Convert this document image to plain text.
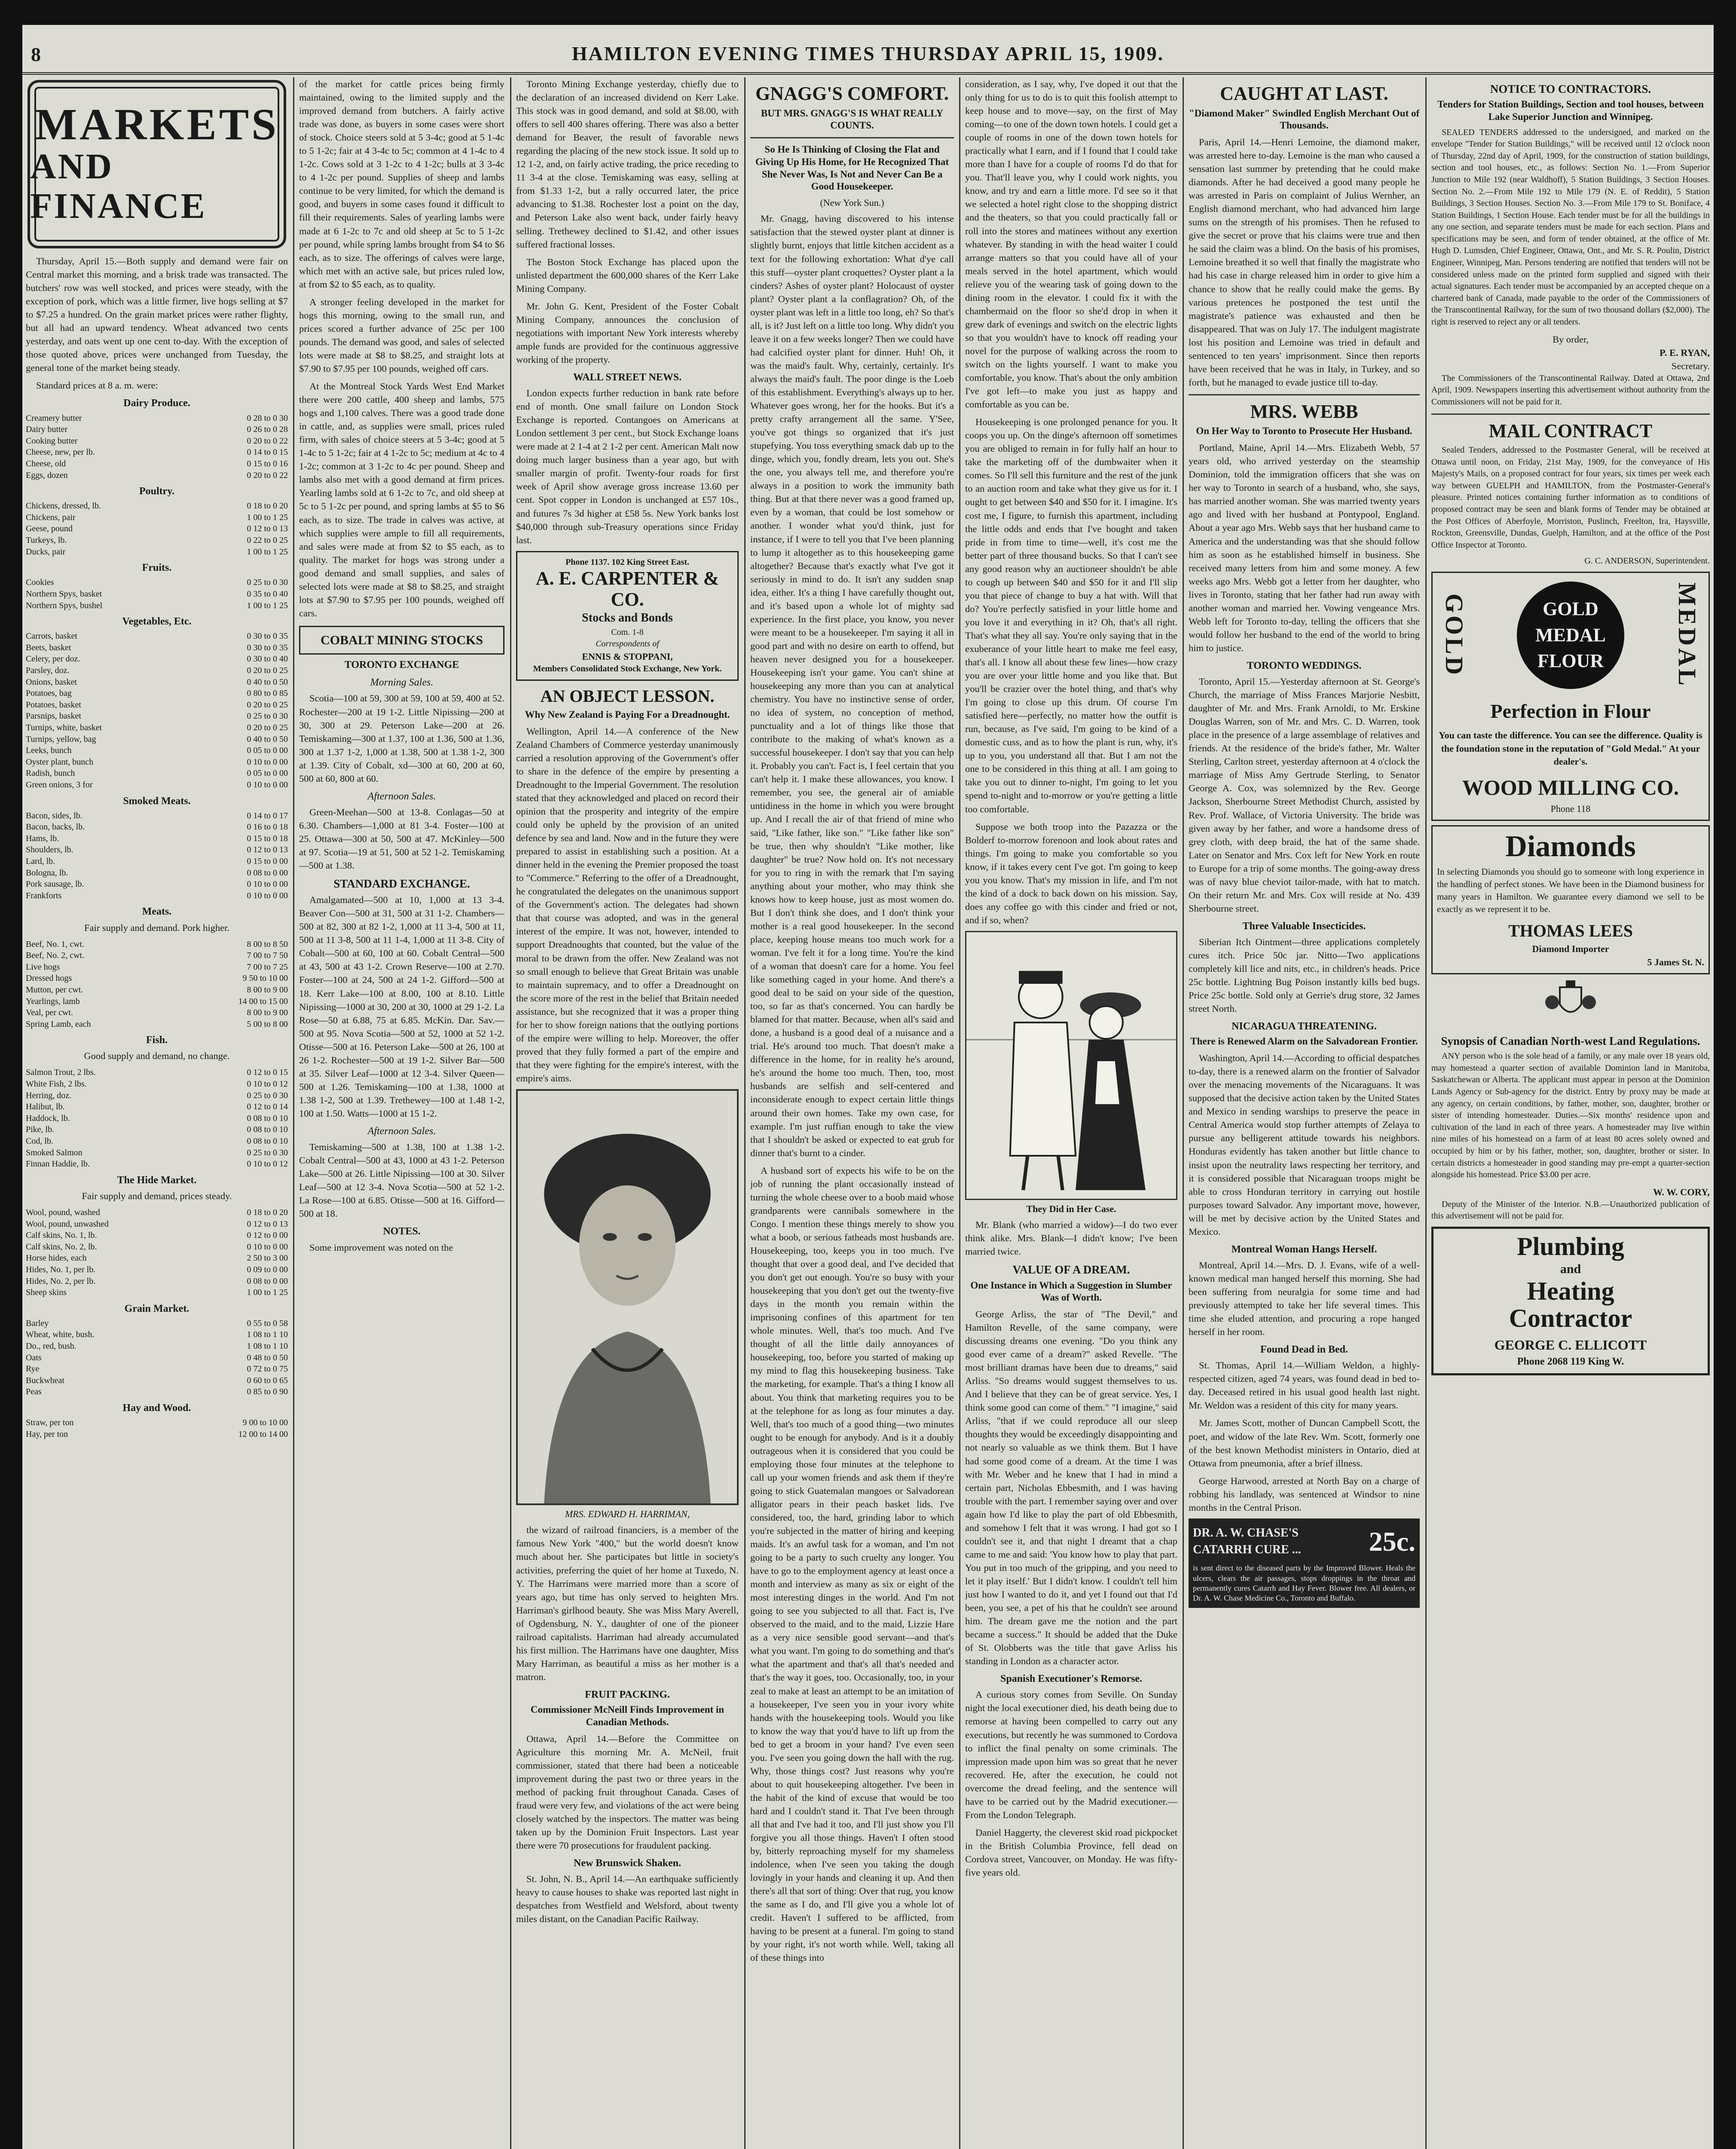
8	HAMILTON EVENING TIMES THURSDAY APRIL 15, 1909.
MARKETS
AND FINANCE

Thursday, April 15.—Both supply and demand were fair on Central market this morning, and a brisk trade was transacted. The butchers' row was well stocked, and prices were steady, with the exception of pork, which was a little firmer, live hogs selling at $7 to $7.25 a hundred. On the grain market prices were rather flighty, but all had an upward tendency. Wheat advanced two cents yesterday, and oats went up one cent to-day. With the exception of those quoted above, prices were unchanged from Tuesday, the general tone of the market being steady.

Standard prices at 8 a. m. were:

Dairy Produce.
Creamery butter	0 28 to 0 30
Dairy butter	0 26 to 0 28
Cooking butter	0 20 to 0 22
Cheese, new, per lb.	0 14 to 0 15
Cheese, old	0 15 to 0 16
Eggs, dozen	0 20 to 0 22
Poultry.
Chickens, dressed, lb.	0 18 to 0 20
Chickens, pair	1 00 to 1 25
Geese, pound	0 12 to 0 13
Turkeys, lb.	0 22 to 0 25
Ducks, pair	1 00 to 1 25
Fruits.
Cookies	0 25 to 0 30
Northern Spys, basket	0 35 to 0 40
Northern Spys, bushel	1 00 to 1 25
Vegetables, Etc.
Carrots, basket	0 30 to 0 35
Beets, basket	0 30 to 0 35
Celery, per doz.	0 30 to 0 40
Parsley, doz.	0 20 to 0 25
Onions, basket	0 40 to 0 50
Potatoes, bag	0 80 to 0 85
Potatoes, basket	0 20 to 0 25
Parsnips, basket	0 25 to 0 30
Turnips, white, basket	0 20 to 0 25
Turnips, yellow, bag	0 40 to 0 50
Leeks, bunch	0 05 to 0 00
Oyster plant, bunch	0 10 to 0 00
Radish, bunch	0 05 to 0 00
Green onions, 3 for	0 10 to 0 00
Smoked Meats.
Bacon, sides, lb.	0 14 to 0 17
Bacon, backs, lb.	0 16 to 0 18
Hams, lb.	0 15 to 0 18
Shoulders, lb.	0 12 to 0 13
Lard, lb.	0 15 to 0 00
Bologna, lb.	0 08 to 0 00
Pork sausage, lb.	0 10 to 0 00
Frankforts	0 10 to 0 00
Meats.

Fair supply and demand. Pork higher.

Beef, No. 1, cwt.	8 00 to 8 50
Beef, No. 2, cwt.	7 00 to 7 50
Live hogs	7 00 to 7 25
Dressed hogs	9 50 to 10 00
Mutton, per cwt.	8 00 to 9 00
Yearlings, lamb	14 00 to 15 00
Veal, per cwt.	8 00 to 9 00
Spring Lamb, each	5 00 to 8 00
Fish.

Good supply and demand, no change.

Salmon Trout, 2 lbs.	0 12 to 0 15
White Fish, 2 lbs.	0 10 to 0 12
Herring, doz.	0 25 to 0 30
Halibut, lb.	0 12 to 0 14
Haddock, lb.	0 08 to 0 10
Pike, lb.	0 08 to 0 10
Cod, lb.	0 08 to 0 10
Smoked Salmon	0 25 to 0 30
Finnan Haddie, lb.	0 10 to 0 12
The Hide Market.

Fair supply and demand, prices steady.

Wool, pound, washed	0 18 to 0 20
Wool, pound, unwashed	0 12 to 0 13
Calf skins, No. 1, lb.	0 12 to 0 00
Calf skins, No. 2, lb.	0 10 to 0 00
Horse hides, each	2 50 to 3 00
Hides, No. 1, per lb.	0 09 to 0 00
Hides, No. 2, per lb.	0 08 to 0 00
Sheep skins	1 00 to 1 25
Grain Market.
Barley	0 55 to 0 58
Wheat, white, bush.	1 08 to 1 10
Do., red, bush.	1 08 to 1 10
Oats	0 48 to 0 50
Rye	0 72 to 0 75
Buckwheat	0 60 to 0 65
Peas	0 85 to 0 90
Hay and Wood.
Straw, per ton	9 00 to 10 00
Hay, per ton	12 00 to 14 00

of the market for cattle prices being firmly maintained, owing to the limited supply and the improved demand from butchers. A fairly active trade was done, as buyers in some cases were short of stock. Choice steers sold at 5 3-4c; good at 5 1-4c to 5 1-2c; fair at 4 3-4c to 5c; common at 4 1-4c to 4 1-2c. Cows sold at 3 1-2c to 4 1-2c; bulls at 3 3-4c to 4 1-2c per pound. Supplies of sheep and lambs continue to be very limited, for which the demand is good, and buyers in some cases found it difficult to fill their requirements. Sales of yearling lambs were made at 6 1-2c to 7c and old sheep at 5c to 5 1-2c per pound, while spring lambs brought from $4 to $6 each, as to size. The offerings of calves were large, which met with an active sale, but prices ruled low, at from $2 to $5 each, as to quality.

A stronger feeling developed in the market for hogs this morning, owing to the small run, and prices scored a further advance of 25c per 100 pounds. The demand was good, and sales of selected lots were made at $8 to $8.25, and straight lots at $7.90 to $7.95 per 100 pounds, weighed off cars.

At the Montreal Stock Yards West End Market there were 200 cattle, 400 sheep and lambs, 575 hogs and 1,100 calves. There was a good trade done in cattle, and, as supplies were small, prices ruled firm, with sales of choice steers at 5 3-4c; good at 5 1-4c to 5 1-2c; fair at 4 1-2c to 5c; medium at 4c to 4 1-2c; common at 3 1-2c to 4c per pound. Sheep and lambs also met with a good demand at firm prices. Yearling lambs sold at 6 1-2c to 7c, and old sheep at 5c to 5 1-2c per pound, and spring lambs at $5 to $6 each, as to size. The trade in calves was active, at which supplies were ample to fill all requirements, and sales were made at from $2 to $5 each, as to quality. The market for hogs was strong under a good demand and small supplies, and sales of selected lots were made at $8 to $8.25, and straight lots at $7.90 to $7.95 per 100 pounds, weighed off cars.

COBALT MINING STOCKS
TORONTO EXCHANGE
Morning Sales.

Scotia—100 at 59, 300 at 59, 100 at 59, 400 at 52. Rochester—200 at 19 1-2. Little Nipissing—200 at 30, 300 at 29. Peterson Lake—200 at 26. Temiskaming—300 at 1.37, 100 at 1.36, 500 at 1.36, 300 at 1.37 1-2, 1,000 at 1.38, 500 at 1.38 1-2, 300 at 1.39. City of Cobalt, xd—300 at 60, 200 at 60, 500 at 60, 800 at 60.

Afternoon Sales.

Green-Meehan—500 at 13-8. Conlagas—50 at 6.30. Chambers—1,000 at 81 3-4. Foster—100 at 25. Ottawa—300 at 50, 500 at 47. McKinley—500 at 97. Scotia—19 at 51, 500 at 52 1-2. Temiskaming—500 at 1.38.

STANDARD EXCHANGE.

Amalgamated—500 at 10, 1,000 at 13 3-4. Beaver Con—500 at 31, 500 at 31 1-2. Chambers—500 at 82, 300 at 82 1-2, 1,000 at 11 3-4, 500 at 11, 500 at 11 3-8, 500 at 11 1-4, 1,000 at 11 3-8. City of Cobalt—500 at 60, 100 at 60. Cobalt Central—500 at 43, 500 at 43 1-2. Crown Reserve—100 at 2.70. Foster—100 at 24, 500 at 24 1-2. Gifford—500 at 18. Kerr Lake—100 at 8.00, 100 at 8.10. Little Nipissing—1000 at 30, 200 at 30, 1000 at 29 1-2. La Rose—50 at 6.88, 75 at 6.85. McKin. Dar. Sav.—500 at 95. Nova Scotia—500 at 52, 1000 at 52 1-2. Otisse—500 at 16. Peterson Lake—500 at 26, 100 at 26 1-2. Rochester—500 at 19 1-2. Silver Bar—500 at 35. Silver Leaf—1000 at 12 3-4. Silver Queen—500 at 1.26. Temiskaming—100 at 1.38, 1000 at 1.38 1-2, 500 at 1.39. Trethewey—100 at 1.48 1-2, 100 at 1.50. Watts—1000 at 15 1-2.

Afternoon Sales.

Temiskaming—500 at 1.38, 100 at 1.38 1-2. Cobalt Central—500 at 43, 1000 at 43 1-2. Peterson Lake—500 at 26. Little Nipissing—100 at 30. Silver Leaf—500 at 12 3-4. Nova Scotia—500 at 52 1-2. La Rose—100 at 6.85. Otisse—500 at 16. Gifford—500 at 18.

NOTES.

Some improvement was noted on the

Toronto Mining Exchange yesterday, chiefly due to the declaration of an increased dividend on Kerr Lake. This stock was in good demand, and sold at $8.00, with offers to sell 400 shares offering. There was also a better demand for Beaver, the result of favorable news regarding the placing of the new stock issue. It sold up to 12 1-2, and, on fairly active trading, the price receding to 11 3-4 at the close. Temiskaming was easy, selling at from $1.33 1-2, but a rally occurred later, the price advancing to $1.38. Rochester lost a point on the day, and Peterson Lake also went back, under fairly heavy selling. Trethewey declined to $1.42, and other issues suffered fractional losses.

The Boston Stock Exchange has placed upon the unlisted department the 600,000 shares of the Kerr Lake Mining Company.

Mr. John G. Kent, President of the Foster Cobalt Mining Company, announces the conclusion of negotiations with important New York interests whereby ample funds are provided for the continuous aggressive working of the property.

WALL STREET NEWS.

London expects further reduction in bank rate before end of month. One small failure on London Stock Exchange is reported. Contangoes on Americans at London settlement 3 per cent., but Stock Exchange loans were made at 2 1-4 at 2 1-2 per cent. American Malt now doing much larger business than a year ago, but with smaller margin of profit. Twenty-four roads for first week of April show average gross increase 13.60 per cent. Spot copper in London is unchanged at £57 10s., and futures 7s 3d higher at £58 5s. New York banks lost $40,000 through sub-Treasury operations since Friday last.

Phone 1137. 102 King Street East.
A. E. CARPENTER & CO.
Stocks and Bonds
Com. 1-8
Correspondents of
ENNIS & STOPPANI,
Members Consolidated Stock Exchange, New York.
AN OBJECT LESSON.
Why New Zealand is Paying For a Dreadnought.

Wellington, April 14.—A conference of the New Zealand Chambers of Commerce yesterday unanimously carried a resolution approving of the Government's offer to share in the defence of the empire by presenting a Dreadnought to the Imperial Government. The resolution stated that they acknowledged and placed on record their opinion that the prosperity and integrity of the empire could only be upheld by the provision of an united defence by sea and land. Now and in the future they were prepared to assist in establishing such a position. At a dinner held in the evening the Premier proposed the toast to "Commerce." Referring to the offer of a Dreadnought, he congratulated the delegates on the unanimous support of the Government's action. The delegates had shown that that course was adopted, and was in the general interest of the empire. It was not, however, intended to support Dreadnoughts that counted, but the value of the moral to be drawn from the offer. New Zealand was not so small enough to believe that Great Britain was unable to maintain supremacy, and to offer a Dreadnought on the score more of the rest in the belief that Britain needed assistance, but she recognized that it was a proper thing for her to show foreign nations that the outlying portions of the empire were willing to help. Moreover, the offer proved that they fully formed a part of the empire and that they were fighting for the empire's interest, with the empire's aims.

MRS. EDWARD H. HARRIMAN,

the wizard of railroad financiers, is a member of the famous New York "400," but the world doesn't know much about her. She participates but little in society's activities, preferring the quiet of her home at Tuxedo, N. Y. The Harrimans were married more than a score of years ago, but time has only served to heighten Mrs. Harriman's girlhood beauty. She was Miss Mary Averell, of Ogdensburg, N. Y., daughter of one of the pioneer railroad capitalists. Harriman had already accumulated his first million. The Harrimans have one daughter, Miss Mary Harriman, as beautiful a miss as her mother is a matron.

FRUIT PACKING.
Commissioner McNeill Finds Improvement in Canadian Methods.

Ottawa, April 14.—Before the Committee on Agriculture this morning Mr. A. McNeil, fruit commissioner, stated that there had been a noticeable improvement during the past two or three years in the method of packing fruit throughout Canada. Cases of fraud were very few, and violations of the act were being closely watched by the inspectors. The matter was being taken up by the Dominion Fruit Inspectors. Last year there were 70 prosecutions for fraudulent packing.

New Brunswick Shaken.

St. John, N. B., April 14.—An earthquake sufficiently heavy to cause houses to shake was reported last night in despatches from Westfield and Welsford, about twenty miles distant, on the Canadian Pacific Railway.

GNAGG'S COMFORT.
BUT MRS. GNAGG'S IS WHAT REALLY COUNTS.
So He Is Thinking of Closing the Flat and Giving Up His Home, for He Recognized That She Never Was, Is Not and Never Can Be a Good Housekeeper.
(New York Sun.)

Mr. Gnagg, having discovered to his intense satisfaction that the stewed oyster plant at dinner is slightly burnt, enjoys that little kitchen accident as a text for the following exhortation: What d'ye call this stuff—oyster plant croquettes? Oyster plant a la cinders? Ashes of oyster plant? Holocaust of oyster plant? Oyster plant a la conflagration? Oh, of the oyster plant was left in a little too long, eh? So that's all, is it? Just left on a little too long. Why didn't you leave it on a few weeks longer? Then we could have had calcified oyster plant for dinner. Huh! Oh, it was the maid's fault. Why, certainly, certainly. It's always the maid's fault. The poor dinge is the Loeb of this establishment. Everything's always up to her. Whatever goes wrong, her for the hooks. But it's a pretty crafty arrangement all the same. Y'See, you've got things so organized that it's just stupefying. You toss everything smack dab up to the dinge, which you, fondly dream, lets you out. She's the one, you always tell me, and therefore you're always in a position to work the immunity bath thing. But at that there never was a good framed up, even by a woman, that could be lost somehow or another. I wonder what you'd think, just for instance, if I were to tell you that I've been planning to lump it altogether as to this housekeeping game altogether? Because that's exactly what I've got it seriously in mind to do. It isn't any sudden snap idea, either. It's a thing I have carefully thought out, and it's based upon a whole lot of mighty sad experience. In the first place, you know, you never were meant to be a housekeeper. I'm saying it all in good part and with no desire on earth to offend, but heaven never designed you for a housekeeper. Housekeeping isn't your game. You can't shine at housekeeping any more than you can at analytical chemistry. You have no instinctive sense of order, no idea of system, no conception of method, punctuality and a lot of things like those that contribute to the making of what's known as a successful housekeeper. I don't say that you can help it. Probably you can't. Fact is, I feel certain that you can't help it. I make these allowances, you know. I remember, you see, the general air of amiable untidiness in the home in which you were brought up. And I recall the air of that friend of mine who said, "Like father, like son." "Like father like son" be true, then why shouldn't "Like mother, like daughter" be true? Now hold on. It's not necessary for you to ring in with the remark that I'm saying anything about your mother, who may think she knows how to keep house, just as most women do. But I don't think she does, and I don't think your mother is a real good housekeeper. In the second place, keeping house means too much work for a woman. I've felt it for a long time. You're the kind of a woman that doesn't care for a home. You feel like something caged in your home. And there's a good deal to be said on your side of the question, too, so far as that's concerned. You can hardly be blamed for that matter. Because, when all's said and done, a husband is a good deal of a nuisance and a trial. He's around too much. That doesn't make a difference in the home, for in reality he's around, he's around the home too much. Then, too, most husbands are selfish and self-centered and inconsiderate enough to expect certain little things around their own homes. Take my own case, for example. I'm just ruffian enough to take the view that I shouldn't be asked or expected to eat grub for dinner that's burnt to a cinder.

A husband sort of expects his wife to be on the job of running the plant occasionally instead of turning the whole cheese over to a boob maid whose grandparents were cannibals somewhere in the Congo. I mention these things merely to show you what a boob, or serious fatheads most husbands are. Housekeeping, too, keeps you in too much. I've thought that over a good deal, and I've decided that you don't get out enough. You're so busy with your housekeeping that you don't get out the twenty-five days in the month you remain within the imprisoning confines of this apartment for ten whole minutes. Well, that's too much. And I've thought of all the little daily annoyances of housekeeping, too, before you started of making up my mind to flag this housekeeping business. Take the marketing, for example. That's a thing I know all about. You think that marketing requires you to be at the telephone for as long as four minutes a day. Well, that's too much of a good thing—two minutes ought to be enough for anybody. And is it a doubly outrageous when it is considered that you could be employing those four minutes at the telephone to call up your women friends and ask them if they're going to stick Guatemalan mangoes or Salvadorean alligator pears in their peach basket lids. I've considered, too, the hard, grinding labor to which you're subjected in the matter of hiring and keeping maids. It's an awful task for a woman, and I'm not going to be a party to such cruelty any longer. You have to go to the employment agency at least once a month and interview as many as six or eight of the most interesting dinges in the world. And I'm not going to see you subjected to all that. Fact is, I've observed to the maid, and to the maid, Lizzie Hare as a very nice sensible good servant—and that's what you want. I'm going to do something and that's what the apartment and that's all that's needed and that's the way it goes, too. Occasionally, too, in your zeal to make at least an attempt to be an imitation of a housekeeper, I've seen you in your ivory white hands with the housekeeping tools. Would you like to know the way that you'd have to lift up from the bed to get a broom in your hand? I've even seen you. I've seen you going down the hall with the rug. Why, those things cost? Just reasons why you're about to quit housekeeping altogether. I've been in the habit of the kind of excuse that would be too hard and I couldn't stand it. That I've been through all that and I've had it too, and I'll just show you I'll forgive you all those things. Haven't I often stood by, bitterly reproaching myself for my shameless indolence, when I've seen you taking the dough lovingly in your hands and cleaning it up. And then there's all that sort of thing: Over that rug, you know the same as I do, and I'll give you a whole lot of credit. Haven't I suffered to be afflicted, from having to be present at a funeral. I'm going to stand by your right, it's not worth while. Well, taking all of these things into

consideration, as I say, why, I've doped it out that the only thing for us to do is to quit this foolish attempt to keep house and to move—say, on the first of May coming—to one of the down town hotels. I could get a couple of rooms in one of the down town hotels for practically what I earn, and if I found that I could take more than I have for a couple of rooms I'd do that for you. That'll leave you, why I could work nights, you know, and try and earn a little more. I'd see so it that we selected a hotel right close to the shopping district and the theaters, so that you could practically fall or roll into the stores and matinees without any exertion whatever. By standing in with the head waiter I could arrange matters so that you could have all of your meals served in the hotel apartment, which would relieve you of the wearing task of going down to the dining room in the elevator. I could fix it with the chambermaid on the floor so she'd drop in when it grew dark of evenings and switch on the electric lights so that you wouldn't have to knock off reading your novel for the purpose of walking across the room to switch on the lights yourself. I want to make you comfortable, you know. That's about the only ambition I've got left—to make you just as happy and comfortable as you can be.

Housekeeping is one prolonged penance for you. It coops you up. On the dinge's afternoon off sometimes you are obliged to remain in for fully half an hour to take the marketing off of the dumbwaiter when it comes. So I'll sell this furniture and the rest of the junk to an auction room and take what they give us for it. I ought to get between $40 and $50 for it. I imagine. It's cost me, I figure, to furnish this apartment, including the little odds and ends that I've bought and taken pride in from time to time—well, it's cost me the better part of three thousand bucks. So that I can't see any good reason why an auctioneer shouldn't be able to cough up between $40 and $50 for it and I'll slip you that piece of change to buy a hat with. Will that do? You're perfectly satisfied in your little home and you love it and everything in it? Oh, that's all right. That's what they all say. You're only saying that in the exuberance of your little heart to make me feel easy, that's all. I know all about these few lines—how crazy you are over your little home and you like that. But you'll be crazier over the hotel thing, and that's why I'm going to close up this drum. Of course I'm satisfied here—perfectly, no matter how the outfit is run, because, as I've said, I'm going to be kind of a domestic cuss, and as to how the plant is run, why, it's up to you, you understand all that. But I am not the one to be considered in this thing at all. I am going to take you out to dinner to-night, I'm going to let you spend to-night and to-morrow or you're getting a little too comfortable.

Suppose we both troop into the Pazazza or the Bolderf to-morrow forenoon and look about rates and things. I'm going to make you comfortable so you know, if it takes every cent I've got. I'm going to keep you you know. That's my mission in life, and I'm not the kind of a dock to back down on his mission. Say, does any coffee go with this cinder and fried or not, and if so, when?

They Did in Her Case.

Mr. Blank (who married a widow)—I do two ever think alike. Mrs. Blank—I didn't know; I've been married twice.

VALUE OF A DREAM.
One Instance in Which a Suggestion in Slumber Was of Worth.

George Arliss, the star of "The Devil," and Hamilton Revelle, of the same company, were discussing dreams one evening. "Do you think any good ever came of a dream?" asked Revelle. "The most brilliant dramas have been due to dreams," said Arliss. "So dreams would suggest themselves to us. And I believe that they can be of great service. Yes, I think some good can come of them." "I imagine," said Arliss, "that if we could reproduce all our sleep thoughts they would be exceedingly disappointing and not nearly so valuable as we think them. But I have had some good come of a dream. At the time I was with Mr. Weber and he knew that I had in mind a certain part, Nicholas Ebbesmith, and I was having trouble with the part. I remember saying over and over again how I'd like to play the part of old Ebbesmith, and somehow I felt that it was wrong. I had got so I couldn't see it, and that night I dreamt that a chap came to me and said: 'You know how to play that part. You put in too much of the gripping, and you need to let it play itself.' But I didn't know. I couldn't tell him just how I wanted to do it, and yet I found out that I'd been, you see, a pet of his that he couldn't see around him. The dream gave me the notion and the part became a success." It should be added that the Duke of St. Olobberts was the title that gave Arliss his standing in London as a character actor.

Spanish Executioner's Remorse.

A curious story comes from Seville. On Sunday night the local executioner died, his death being due to remorse at having been compelled to carry out any executions, but recently he was summoned to Cordova to inflict the final penalty on some criminals. The impression made upon him was so great that he never recovered. He, after the execution, he could not overcome the dread feeling, and the sentence will have to be carried out by the Madrid executioner.—From the London Telegraph.

Daniel Haggerty, the cleverest skid road pickpocket in the British Columbia Province, fell dead on Cordova street, Vancouver, on Monday. He was fifty-five years old.

CAUGHT AT LAST.
"Diamond Maker" Swindled English Merchant Out of Thousands.

Paris, April 14.—Henri Lemoine, the diamond maker, was arrested here to-day. Lemoine is the man who caused a sensation last summer by pretending that he could make diamonds. After he had deceived a good many people he was arrested in Paris on complaint of Julius Wernher, an English diamond merchant, who had advanced him large sums on the strength of his promises. Then he refused to give the secret or prove that his claims were true and then he said the claim was a blind. On the basis of his promises, Lemoine breathed it so well that finally the magistrate who had his case in charge released him in order to give him a chance to show that he really could make the gems. By various pretences he postponed the test until the magistrate's patience was exhausted and then he disappeared. That was on July 17. The indulgent magistrate lost his position and Lemoine was tried in default and sentenced to ten years' imprisonment. Since then reports have been received that he was in Italy, in Turkey, and so forth, but he managed to evade justice till to-day.

MRS. WEBB
On Her Way to Toronto to Prosecute Her Husband.

Portland, Maine, April 14.—Mrs. Elizabeth Webb, 57 years old, who arrived yesterday on the steamship Dominion, told the immigration officers that she was on her way to Toronto in search of a husband, who, she says, has married another woman. She was married twenty years ago and lived with her husband at Pontypool, England. About a year ago Mrs. Webb says that her husband came to America and the understanding was that she should follow him as soon as he established himself in business. She received many letters from him and some money. A few weeks ago Mrs. Webb got a letter from her daughter, who lives in Toronto, stating that her father had run away with another woman and married her. Vowing vengeance Mrs. Webb left for Toronto to-day, telling the officers that she would follow her husband to the end of the world to bring him to justice.

TORONTO WEDDINGS.

Toronto, April 15.—Yesterday afternoon at St. George's Church, the marriage of Miss Frances Marjorie Nesbitt, daughter of Mr. and Mrs. Frank Arnoldi, to Mr. Erskine Douglas Warren, son of Mr. and Mrs. C. D. Warren, took place in the presence of a large assemblage of relatives and friends. At the residence of the bride's father, Mr. Walter Sterling, Carlton street, yesterday afternoon at 4 o'clock the marriage of Miss Amy Gertrude Sterling, to Senator George A. Cox, was solemnized by the Rev. George Jackson, Sherbourne Street Methodist Church, assisted by Rev. Prof. Wallace, of Victoria University. The bride was given away by her father, and wore a handsome dress of grey cloth, with deep braid, the hat of the same shade. Later on Senator and Mrs. Cox left for New York en route to Europe for a trip of some months. The going-away dress was of navy blue cheviot tailor-made, with hat to match. On their return Mr. and Mrs. Cox will reside at No. 439 Sherbourne street.

Three Valuable Insecticides.

Siberian Itch Ointment—three applications completely cures itch. Price 50c jar. Nitto—Two applications completely kill lice and nits, etc., in children's heads. Price 25c bottle. Lightning Bug Poison instantly kills bed bugs. Price 25c bottle. Sold only at Gerrie's drug store, 32 James street North.

NICARAGUA THREATENING.
There is Renewed Alarm on the Salvadorean Frontier.

Washington, April 14.—According to official despatches to-day, there is a renewed alarm on the frontier of Salvador over the menacing movements of the Nicaraguans. It was supposed that the decisive action taken by the United States and Mexico in sending warships to preserve the peace in Central America would stop further attempts of Zelaya to pursue any belligerent attitude towards his neighbors. Honduras evidently has taken another but little chance to insist upon the neutrality laws respecting her territory, and it is considered possible that Nicaraguan troops might be able to cross Honduran territory in carrying out hostile purposes toward Salvador. Any important move, however, will be met by decisive action by the United States and Mexico.

Montreal Woman Hangs Herself.

Montreal, April 14.—Mrs. D. J. Evans, wife of a well-known medical man hanged herself this morning. She had been suffering from neuralgia for some time and had previously attempted to take her life several times. This time she eluded attention, and procuring a rope hanged herself in her room.

Found Dead in Bed.

St. Thomas, April 14.—William Weldon, a highly-respected citizen, aged 74 years, was found dead in bed to-day. Deceased retired in his usual good health last night. Mr. Weldon was a resident of this city for many years.

Mr. James Scott, mother of Duncan Campbell Scott, the poet, and widow of the late Rev. Wm. Scott, formerly one of the best known Methodist ministers in Ontario, died at Ottawa from pneumonia, after a brief illness.

George Harwood, arrested at North Bay on a charge of robbing his landlady, was sentenced at Windsor to nine months in the Central Prison.

DR. A. W. CHASE'S
CATARRH CURE ... 25c.
is sent direct to the diseased parts by the Improved Blower. Heals the ulcers, clears the air passages, stops droppings in the throat and permanently cures Catarrh and Hay Fever. Blower free. All dealers, or Dr. A. W. Chase Medicine Co., Toronto and Buffalo.
NOTICE TO CONTRACTORS.
Tenders for Station Buildings, Section and tool houses, between Lake Superior Junction and Winnipeg.

SEALED TENDERS addressed to the undersigned, and marked on the envelope "Tender for Station Buildings," will be received until 12 o'clock noon of Thursday, 22nd day of April, 1909, for the construction of station buildings, section and tool houses, etc., as follows: Section No. 1.—From Superior Junction to Mile 192 (near Waldhoff), 5 Station Buildings, 3 Section Houses. Section No. 2.—From Mile 192 to Mile 179 (N. E. of Reddit), 5 Station Buildings, 3 Section Houses. Section No. 3.—From Mile 179 to St. Boniface, 4 Station Buildings, 1 Section House. Each tender must be for all the buildings in any one section, and separate tenders must be made for each section. Plans and specifications may be seen, and form of tender obtained, at the office of Mr. Hugh D. Lumsden, Chief Engineer, Ottawa, Ont., and Mr. S. R. Poulin, District Engineer, Winnipeg, Man. Persons tendering are notified that tenders will not be considered unless made on the printed form supplied and signed with their actual signatures. Each tender must be accompanied by an accepted cheque on a chartered bank of Canada, made payable to the order of the Commissioners of the Transcontinental Railway, for the sum of two thousand dollars ($2,000). The right is reserved to reject any or all tenders.

By order,
P. E. RYAN,
Secretary.

The Commissioners of the Transcontinental Railway. Dated at Ottawa, 2nd April, 1909. Newspapers inserting this advertisement without authority from the Commissioners will not be paid for it.

MAIL CONTRACT

Sealed Tenders, addressed to the Postmaster General, will be received at Ottawa until noon, on Friday, 21st May, 1909, for the conveyance of His Majesty's Mails, on a proposed contract for four years, six times per week each way between GUELPH and HAMILTON, from the Postmaster-General's pleasure. Printed notices containing further information as to conditions of proposed contract may be seen and blank forms of Tender may be obtained at the Post Offices of Aberfoyle, Morriston, Puslinch, Freelton, Ira, Haysville, Rockton, Greensville, Dundas, Guelph, Hamilton, and at the office of the Post Office Inspector at Toronto.

G. C. ANDERSON, Superintendent.
GOLD	GOLD
MEDAL
FLOUR	MEDAL
Perfection in Flour
You can taste the difference. You can see the difference. Quality is the foundation stone in the reputation of "Gold Medal." At your dealer's.
WOOD MILLING CO.
Phone 118
Diamonds
In selecting Diamonds you should go to someone with long experience in the handling of perfect stones. We have been in the Diamond business for many years in Hamilton. We guarantee every diamond we sell to be exactly as we represent it to be.
THOMAS LEES
Diamond Importer
5 James St. N.
Synopsis of Canadian North-west Land Regulations.

ANY person who is the sole head of a family, or any male over 18 years old, may homestead a quarter section of available Dominion land in Manitoba, Saskatchewan or Alberta. The applicant must appear in person at the Dominion Lands Agency or Sub-agency for the district. Entry by proxy may be made at any agency, on certain conditions, by father, mother, son, daughter, brother or sister of intending homesteader. Duties.—Six months' residence upon and cultivation of the land in each of three years. A homesteader may live within nine miles of his homestead on a farm of at least 80 acres solely owned and occupied by him or by his father, mother, son, daughter, brother or sister. In certain districts a homesteader in good standing may pre-empt a quarter-section alongside his homestead. Price $3.00 per acre.

W. W. CORY,

Deputy of the Minister of the Interior. N.B.—Unauthorized publication of this advertisement will not be paid for.

Plumbing
and
Heating
Contractor
GEORGE C. ELLICOTT
Phone 2068 119 King W.
